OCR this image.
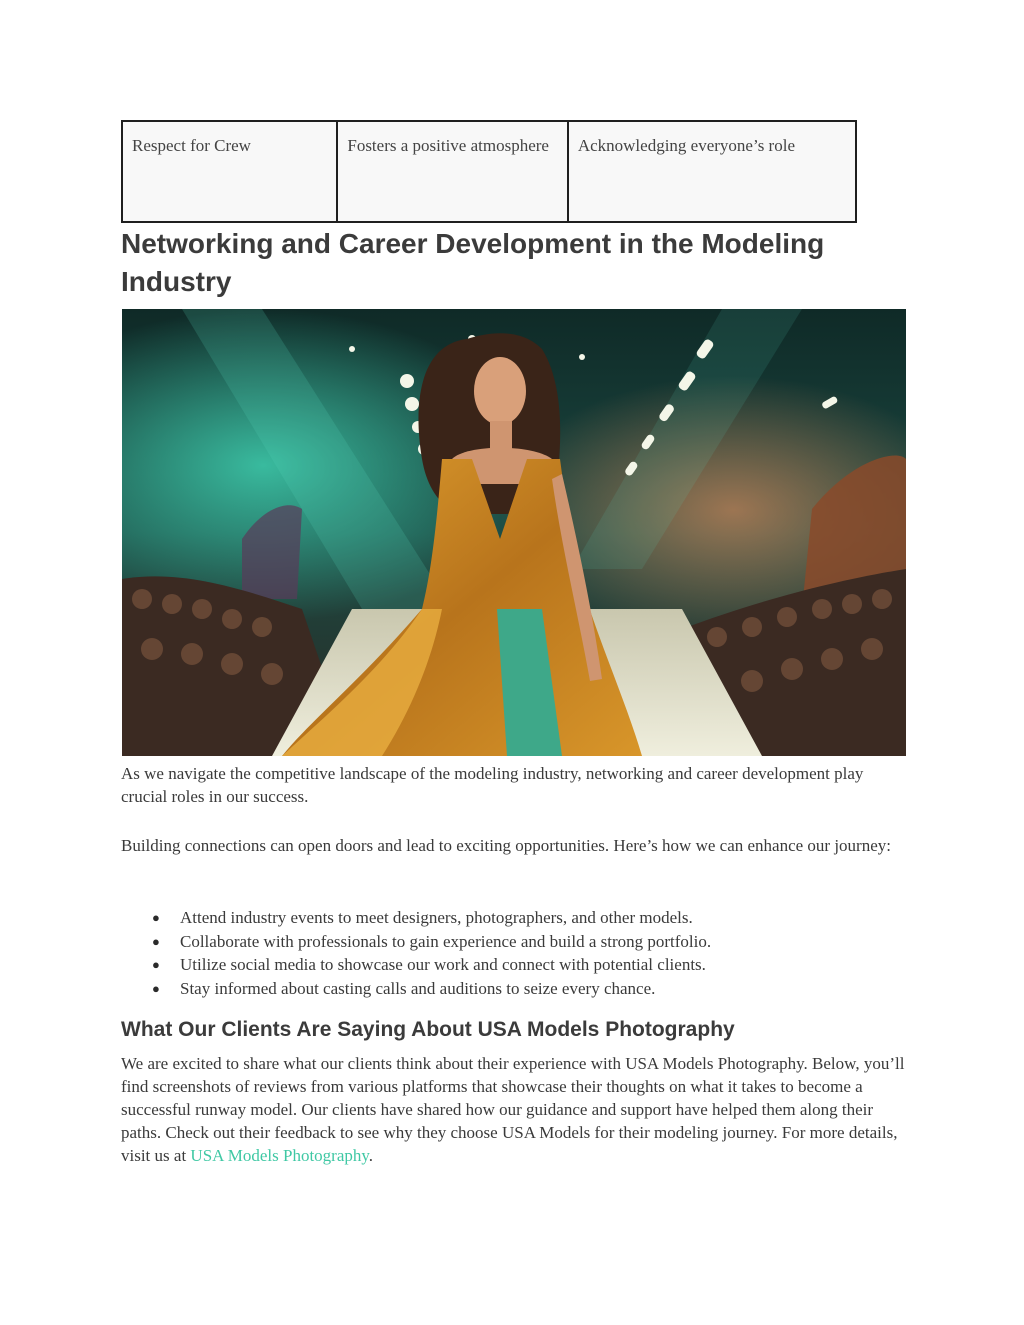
Respect for Crew	Fosters a positive atmosphere	Acknowledging everyone’s role
Networking and Career Development in the Modeling Industry

As we navigate the competitive landscape of the modeling industry, networking and career development play crucial roles in our success.

Building connections can open doors and lead to exciting opportunities. Here’s how we can enhance our journey:

● Attend industry events to meet designers, photographers, and other models.
● Collaborate with professionals to gain experience and build a strong portfolio.
● Utilize social media to showcase our work and connect with potential clients.
● Stay informed about casting calls and auditions to seize every chance.
What Our Clients Are Saying About USA Models Photography

We are excited to share what our clients think about their experience with USA Models Photography. Below, you’ll find screenshots of reviews from various platforms that showcase their thoughts on what it takes to become a successful runway model. Our clients have shared how our guidance and support have helped them along their paths. Check out their feedback to see why they choose USA Models for their modeling journey. For more details, visit us at USA Models Photography.
